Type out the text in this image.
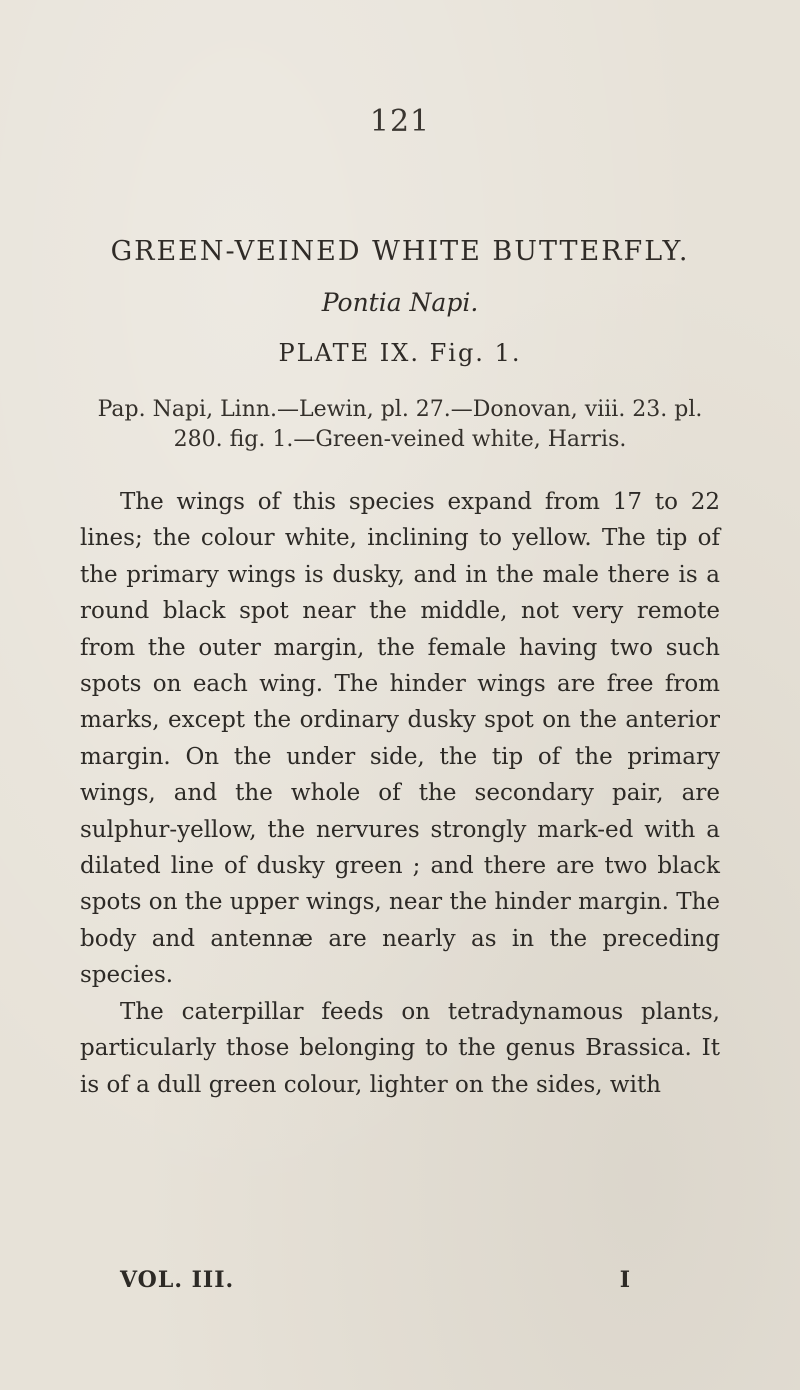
121
GREEN-VEINED WHITE BUTTERFLY.
Pontia Napi.
PLATE IX. Fig. 1.
Pap. Napi, Linn.—Lewin, pl. 27.—Donovan, viii. 23. pl. 280. fig. 1.—Green-veined white, Harris.

The wings of this species expand from 17 to 22 lines; the colour white, inclining to yellow. The tip of the primary wings is dusky, and in the male there is a round black spot near the middle, not very remote from the outer margin, the female having two such spots on each wing. The hinder wings are free from marks, except the ordinary dusky spot on the anterior margin. On the under side, the tip of the primary wings, and the whole of the secondary pair, are sulphur-yellow, the nervures strongly mark-ed with a dilated line of dusky green ; and there are two black spots on the upper wings, near the hinder margin. The body and antennæ are nearly as in the preceding species.

The caterpillar feeds on tetradynamous plants, particularly those belonging to the genus Brassica. It is of a dull green colour, lighter on the sides, with

VOL. III.	I
